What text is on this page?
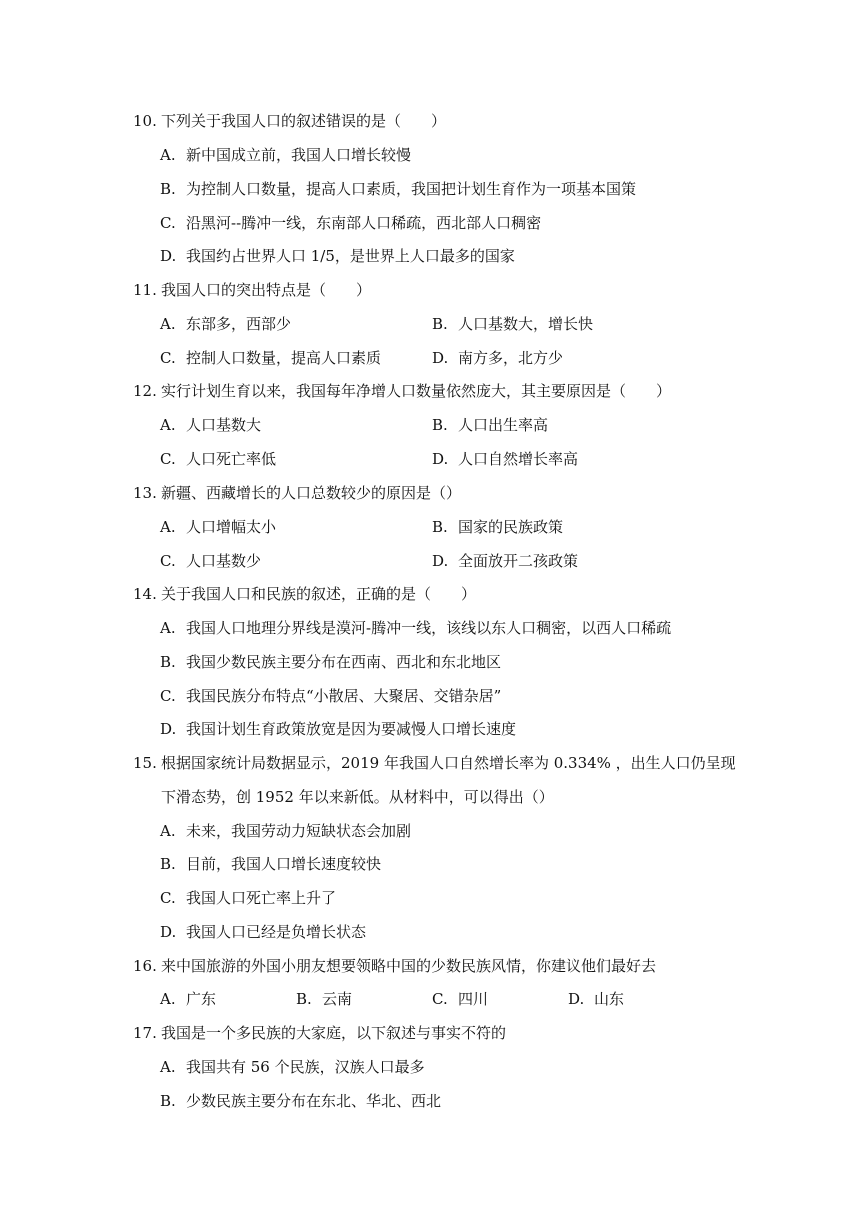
10. 下列关于我国人口的叙述错误的是（　　）
A. 新中国成立前，我国人口增长较慢
B. 为控制人口数量，提高人口素质，我国把计划生育作为一项基本国策
C. 沿黑河--腾冲一线，东南部人口稀疏，西北部人口稠密
D. 我国约占世界人口 1/5，是世界上人口最多的国家
11. 我国人口的突出特点是（　　）
A. 东部多，西部少	B. 人口基数大，增长快
C. 控制人口数量，提高人口素质	D. 南方多，北方少
12. 实行计划生育以来，我国每年净增人口数量依然庞大，其主要原因是（　　）
A. 人口基数大	B. 人口出生率高
C. 人口死亡率低	D. 人口自然增长率高
13. 新疆、西藏增长的人口总数较少的原因是（）
A. 人口增幅太小	B. 国家的民族政策
C. 人口基数少	D. 全面放开二孩政策
14. 关于我国人口和民族的叙述，正确的是（　　）
A. 我国人口地理分界线是漠河-腾冲一线，该线以东人口稠密，以西人口稀疏
B. 我国少数民族主要分布在西南、西北和东北地区
C. 我国民族分布特点“小散居、大聚居、交错杂居”
D. 我国计划生育政策放宽是因为要减慢人口增长速度
15. 根据国家统计局数据显示，2019 年我国人口自然增长率为 0.334% ，出生人口仍呈现
下滑态势，创 1952 年以来新低。从材料中，可以得出（）
A. 未来，我国劳动力短缺状态会加剧
B. 目前，我国人口增长速度较快
C. 我国人口死亡率上升了
D. 我国人口已经是负增长状态
16. 来中国旅游的外国小朋友想要领略中国的少数民族风情，你建议他们最好去
A. 广东	B. 云南	C. 四川	D. 山东
17. 我国是一个多民族的大家庭，以下叙述与事实不符的
A. 我国共有 56 个民族，汉族人口最多
B. 少数民族主要分布在东北、华北、西北
